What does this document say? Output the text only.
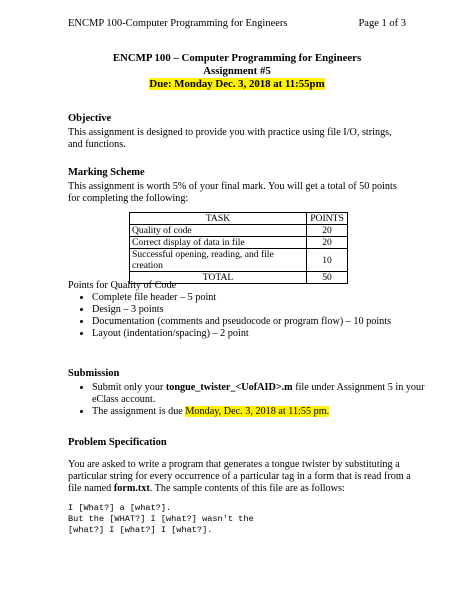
ENCMP 100-Computer Programming for Engineers	Page 1 of 3
ENCMP 100 – Computer Programming for Engineers
Assignment #5
Due: Monday Dec. 3, 2018 at 11:55pm
Objective
This assignment is designed to provide you with practice using file I/O, strings, and functions.
Marking Scheme
This assignment is worth 5% of your final mark. You will get a total of 50 points for completing the following:
TASK	POINTS
Quality of code	20
Correct display of data in file	20
Successful opening, reading, and file creation	10
TOTAL	50
Points for Quality of Code
• Complete file header – 5 point
• Design – 3 points
• Documentation (comments and pseudocode or program flow) – 10 points
• Layout (indentation/spacing) – 2 point
Submission
• Submit only your tongue_twister_<UofAID>.m file under Assignment 5 in your eClass account.
• The assignment is due Monday, Dec. 3, 2018 at 11:55 pm.
Problem Specification
You are asked to write a program that generates a tongue twister by substituting a particular string for every occurrence of a particular tag in a form that is read from a file named form.txt. The sample contents of this file are as follows:
I [What?] a [what?].
But the [WHAT?] I [what?] wasn't the
[what?] I [what?] I [what?].
